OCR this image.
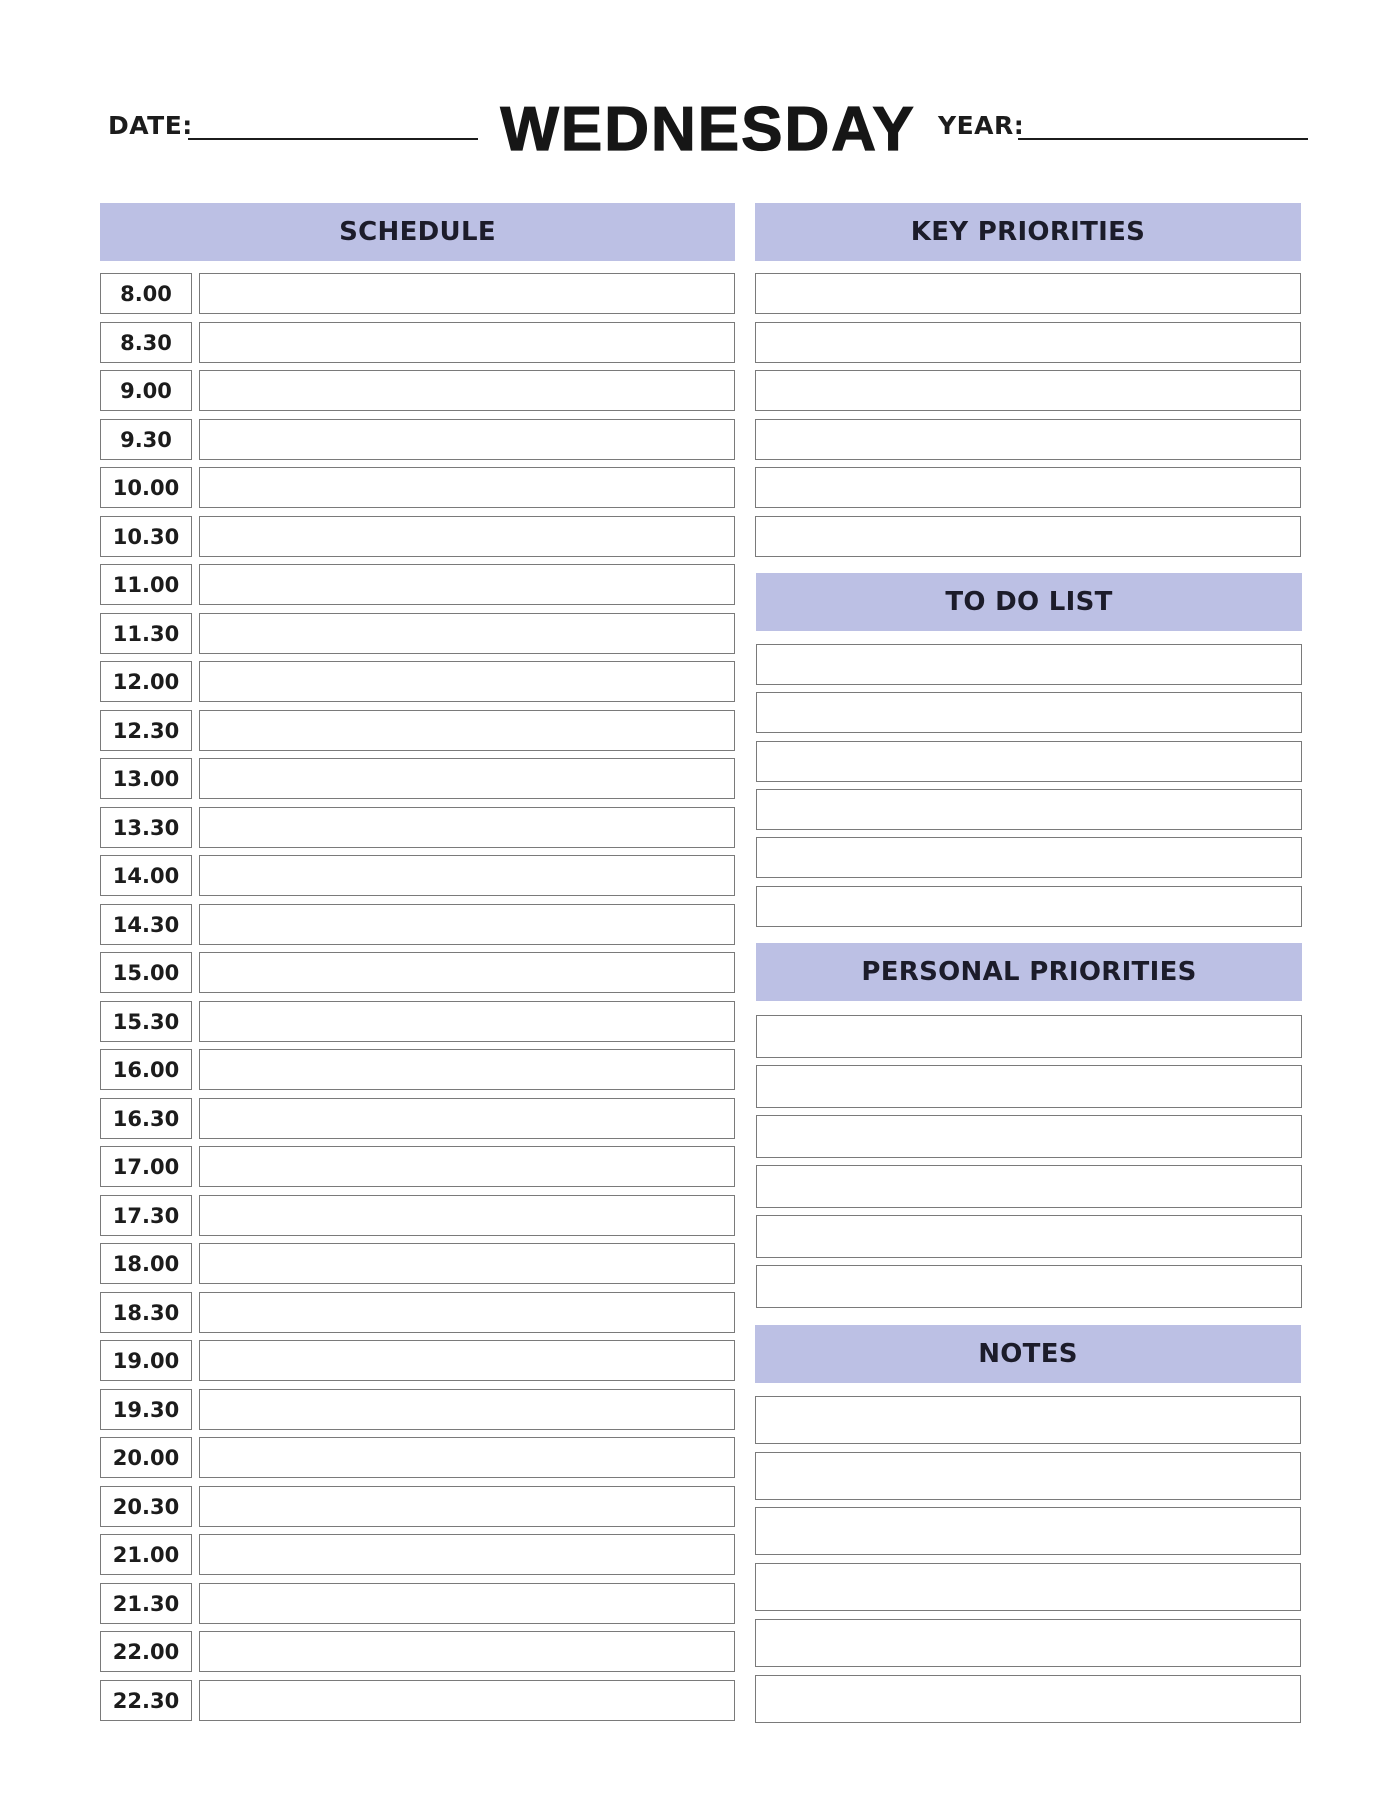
DATE:	WEDNESDAY YEAR:
SCHEDULE
8.00
8.30
9.00
9.30
10.00
10.30
11.00
11.30
12.00
12.30
13.00
13.30
14.00
14.30
15.00
15.30
16.00
16.30
17.00
17.30
18.00
18.30
19.00
19.30
20.00
20.30
21.00
21.30
22.00
22.30
KEY PRIORITIES
TO DO LIST
PERSONAL PRIORITIES
NOTES
